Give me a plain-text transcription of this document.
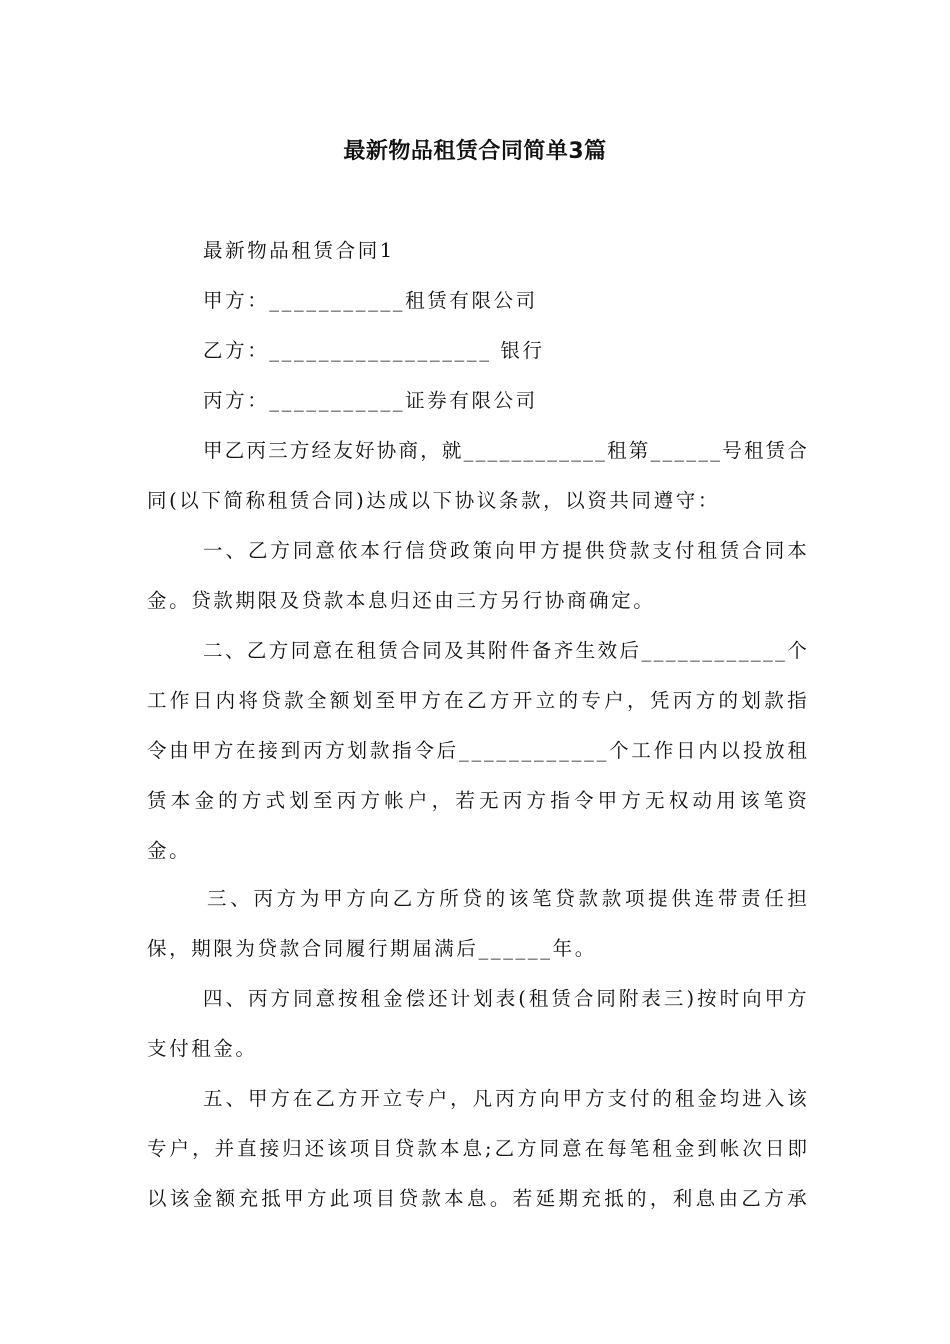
最新物品租赁合同简单3篇
最新物品租赁合同1
甲方：___________租赁有限公司
乙方：__________________ 银行
丙方：___________证券有限公司
甲 乙 丙 三 方 经 友 好 协 商 ， 就 _ _ _ _ _ _ _ _ _ _ _ _ 租 第 _ _ _ _ _ _ 号 租 赁 合
同(以下简称租赁合同)达成以下协议条款，以资共同遵守：
一 、 乙 方 同 意 依 本 行 信 贷 政 策 向 甲 方 提 供 贷 款 支 付 租 赁 合 同 本
金。贷款期限及贷款本息归还由三方另行协商确定。
二 、 乙 方 同 意 在 租 赁 合 同 及 其 附 件 备 齐 生 效 后 _ _ _ _ _ _ _ _ _ _ _ _ 个
工 作 日 内 将 贷 款 全 额 划 至 甲 方 在 乙 方 开 立 的 专 户 ， 凭 丙 方 的 划 款 指
令 由 甲 方 在 接 到 丙 方 划 款 指 令 后 _ _ _ _ _ _ _ _ _ _ _ _ 个 工 作 日 内 以 投 放 租
赁 本 金 的 方 式 划 至 丙 方 帐 户 ， 若 无 丙 方 指 令 甲 方 无 权 动 用 该 笔 资
金。
三 、 丙 方 为 甲 方 向 乙 方 所 贷 的 该 笔 贷 款 款 项 提 供 连 带 责 任 担
保，期限为贷款合同履行期届满后______年。
四 、 丙 方 同 意 按 租 金 偿 还 计 划 表 ( 租 赁 合 同 附 表 三 ) 按 时 向 甲 方
支付租金。
五 、 甲 方 在 乙 方 开 立 专 户 ， 凡 丙 方 向 甲 方 支 付 的 租 金 均 进 入 该
专 户 ， 并 直 接 归 还 该 项 目 贷 款 本 息 ; 乙 方 同 意 在 每 笔 租 金 到 帐 次 日 即
以 该 金 额 充 抵 甲 方 此 项 目 贷 款 本 息 。 若 延 期 充 抵 的 ， 利 息 由 乙 方 承
